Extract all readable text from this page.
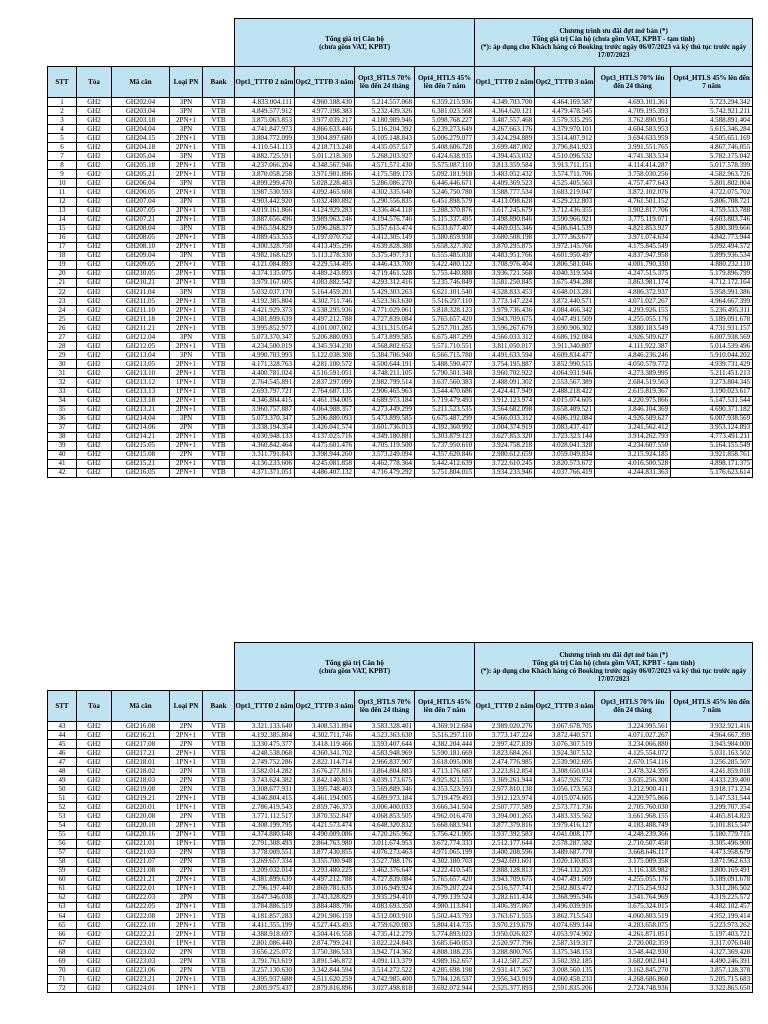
					Tổng giá trị Căn hộ
(chưa gồm VAT, KPBT)				Chương trình ưu đãi đợt mở bán (*)
Tổng giá trị Căn hộ (chưa gồm VAT, KPBT - tạm tính)
(*): áp dụng cho Khách hàng có Booking trước ngày 06/07/2023 và ký thủ tục trước ngày 17/07/2023			
STT	Tòa	Mã căn	Loại PN	Bank	Opt1_TTTĐ 2 năm	Opt2_TTTĐ 3 năm	Opt3_HTLS 70% lên đến 24 tháng	Opt4_HTLS 45% lên đến 7 năm	Opt1_TTTĐ 2 năm	Opt2_TTTĐ 3 năm	Opt3_HTLS 70% lên đến 24 tháng	Opt4_HTLS 45% lên đến 7 năm
1	GH2	GH202.04	3PN	VTB	4.833.004.111	4.960.188.430	5.214.557.068	6.359.215.936	4.349.703.700	4.464.169.587	4.693.101.361	5.723.294.342
2	GH2	GH203.04	3PN	VTB	4.849.577.912	4.977.198.383	5.232.439.326	6.381.023.568	4.364.620.121	4.479.478.545	4.709.195.393	5.742.921.211
3	GH2	GH203.18	2PN+1	VTB	3.875.063.853	3.977.039.217	4.180.989.946	5.098.768.227	3.487.557.468	3.579.335.295	3.762.890.951	4.588.891.404
4	GH2	GH204.04	3PN	VTB	4.741.847.973	4.866.633.446	5.116.204.392	6.239.273.649	4.267.663.176	4.379.970.101	4.604.583.953	5.615.346.284
5	GH2	GH204.15	2PN+1	VTB	3.804.772.099	3.904.897.680	4.105.148.843	5.006.279.077	3.424.294.889	3.514.407.912	3.694.633.959	4.505.651.169
6	GH2	GH204.18	2PN+1	VTB	4.110.541.113	4.218.713.248	4.435.057.517	5.408.606.728	3.699.487.002	3.796.841.923	3.991.551.765	4.867.746.055
7	GH2	GH205.04	3PN	VTB	4.882.725.591	5.011.218.369	5.268.203.927	6.424.638.935	4.394.453.032	4.510.096.532	4.741.383.534	5.782.175.042
8	GH2	GH205.18	2PN+1	VTB	4.237.066.204	4.348.567.946	4.571.571.430	5.575.087.110	3.813.359.584	3.913.711.151	4.114.414.287	5.017.578.399
9	GH2	GH205.21	2PN+1	VTB	3.870.058.258	3.971.901.896	4.175.589.173	5.092.181.918	3.483.052.432	3.574.711.706	3.758.030.256	4.582.963.726
10	GH2	GH206.04	3PN	VTB	4.899.299.470	5.028.228.403	5.286.086.270	6.446.446.671	4.409.369.523	4.525.405.563	4.757.477.643	5.801.802.004
11	GH2	GH206.05	2PN+1	VTB	3.987.530.593	4.092.465.608	4.302.335.640	5.246.750.780	3.588.777.534	3.683.219.047	3.872.102.076	4.722.075.702
12	GH2	GH207.04	3PN	VTB	4.903.442.920	5.032.480.892	5.290.556.835	6.451.898.579	4.413.098.628	4.529.232.803	4.761.501.152	5.806.708.721
13	GH2	GH207.05	2PN+1	VTB	4.019.161.866	4.124.929.283	4.336.464.118	5.288.370.876	3.617.245.679	3.712.436.355	3.902.817.706	4.759.533.788
14	GH2	GH207.21	2PN+1	VTB	3.887.656.496	3.989.963.246	4.194.576.746	5.115.337.495	3.498.890.846	3.590.966.921	3.775.119.071	4.603.803.746
15	GH2	GH208.04	3PN	VTB	4.965.594.829	5.096.268.377	5.357.615.474	6.533.677.407	4.469.035.346	4.586.641.539	4.821.853.927	5.880.309.666
16	GH2	GH208.05	2PN+1	VTB	4.089.453.553	4.197.070.752	4.412.305.149	5.380.859.938	3.680.508.198	3.777.363.677	3.971.074.634	4.842.773.944
17	GH2	GH208.10	2PN+1	VTB	4.300.328.750	4.413.495.296	4.639.828.388	5.658.327.302	3.870.295.875	3.972.145.766	4.175.845.549	5.092.494.572
18	GH2	GH209.04	3PN	VTB	4.982.168.629	5.113.278.330	5.375.497.731	6.555.485.038	4.483.951.766	4.601.950.497	4.837.947.958	5.899.936.534
19	GH2	GH209.05	2PN+1	VTB	4.121.084.893	4.229.534.495	4.446.433.700	5.422.480.122	3.708.976.404	3.806.581.046	4.001.790.330	4.880.232.110
20	GH2	GH210.05	2PN+1	VTB	4.374.135.075	4.489.243.893	4.719.461.528	5.755.440.888	3.936.721.568	4.040.319.504	4.247.515.375	5.179.896.799
21	GH2	GH210.21	2PN+1	VTB	3.979.167.605	4.083.882.542	4.293.312.416	5.235.746.849	3.581.250.845	3.675.494.288	3.863.981.174	4.712.172.164
22	GH2	GH211.04	3PN	VTB	5.032.037.170	5.164.459.201	5.429.303.263	6.621.101.540	4.528.833.453	4.648.013.281	4.886.372.937	5.958.991.386
23	GH2	GH211.05	2PN+1	VTB	4.192.385.804	4.302.711.746	4.523.363.630	5.516.297.110	3.773.147.224	3.872.440.571	4.071.027.267	4.964.667.399
24	GH2	GH211.10	2PN+1	VTB	4.421.929.373	4.538.295.936	4.771.029.061	5.818.328.123	3.979.736.436	4.084.466.342	4.293.926.155	5.236.495.311
25	GH2	GH211.18	2PN+1	VTB	4.381.899.639	4.497.212.788	4.727.839.084	5.765.657.420	3.943.709.675	4.047.491.509	4.255.055.176	5.189.091.678
26	GH2	GH211.21	2PN+1	VTB	3.995.852.977	4.101.007.002	4.311.315.054	5.257.701.285	3.596.267.679	3.690.906.302	3.880.183.549	4.731.931.157
27	GH2	GH212.04	3PN	VTB	5.073.370.347	5.206.880.093	5.473.899.585	6.675.487.299	4.566.033.312	4.686.192.084	4.926.509.627	6.007.938.569
28	GH2	GH212.05	2PN+1	VTB	4.234.500.019	4.345.934.230	4.568.802.652	5.571.710.551	3.811.050.017	3.911.340.807	4.111.922.387	5.014.539.496
29	GH2	GH213.04	3PN	VTB	4.990.703.993	5.122.038.308	5.384.706.940	6.566.715.780	4.491.633.594	4.609.834.477	4.846.236.246	5.910.044.202
30	GH2	GH213.05	2PN+1	VTB	4.171.328.763	4.281.100.572	4.500.644.191	5.488.590.477	3.754.195.887	3.852.990.515	4.050.579.772	4.939.731.429
31	GH2	GH213.10	2PN+1	VTB	4.400.781.024	4.516.591.051	4.748.211.105	5.790.501.348	3.960.702.922	4.064.931.946	4.273.389.995	5.211.451.213
32	GH2	GH213.12	1PN+1	VTB	2.764.545.891	2.837.297.099	2.982.799.514	3.637.560.383	2.488.091.302	2.553.567.389	2.684.519.563	3.273.804.345
33	GH2	GH213.13	1PN+1	VTB	2.693.797.721	2.764.687.135	2.906.465.963	3.544.470.686	2.424.417.949	2.488.218.422	2.615.819.367	3.190.023.617
34	GH2	GH213.18	2PN+1	VTB	4.346.804.415	4.461.194.005	4.689.973.184	5.719.479.493	3.912.123.974	4.015.074.605	4.220.975.866	5.147.531.544
35	GH2	GH213.21	2PN+1	VTB	3.960.757.887	4.064.988.357	4.273.449.299	5.211.523.535	3.564.682.098	3.658.489.521	3.846.104.369	4.690.371.182
36	GH2	GH214.04	3PN	VTB	5.073.370.347	5.206.880.093	5.473.899.585	6.675.487.299	4.566.033.312	4.686.192.084	4.926.509.627	6.007.938.569
37	GH2	GH214.06	2PN	VTB	3.338.194.354	3.426.041.574	3.601.736.013	4.392.360.992	3.004.374.919	3.083.437.417	3.241.562.412	3.953.124.893
38	GH2	GH214.21	2PN+1	VTB	4.030.948.133	4.137.025.716	4.349.180.881	5.303.879.123	3.627.853.320	3.723.323.144	3.914.262.793	4.773.491.211
39	GH2	GH215.05	2PN+1	VTB	4.360.842.464	4.475.601.476	4.705.119.500	5.737.950.610	3.924.758.218	4.028.041.328	4.234.607.550	5.164.155.549
40	GH2	GH215.08	2PN	VTB	3.311.791.843	3.398.944.260	3.573.249.094	4.357.620.846	2.980.612.659	3.059.049.834	3.215.924.185	3.921.858.761
41	GH2	GH215.21	2PN+1	VTB	4.136.233.606	4.245.081.858	4.462.778.364	5.442.412.639	3.722.610.245	3.820.573.672	4.016.500.528	4.898.171.375
42	GH2	GH216.05	2PN+1	VTB	4.371.371.051	4.486.407.132	4.716.479.292	5.751.804.015	3.934.233.946	4.037.766.419	4.244.831.363	5.176.623.614
					Tổng giá trị Căn hộ
(chưa gồm VAT, KPBT)				Chương trình ưu đãi đợt mở bán (*)
Tổng giá trị Căn hộ (chưa gồm VAT, KPBT - tạm tính)
(*): áp dụng cho Khách hàng có Booking trước ngày 06/07/2023 và ký thủ tục trước ngày 17/07/2023			
STT	Tòa	Mã căn	Loại PN	Bank	Opt1_TTTĐ 2 năm	Opt2_TTTĐ 3 năm	Opt3_HTLS 70% lên đến 24 tháng	Opt4_HTLS 45% lên đến 7 năm	Opt1_TTTĐ 2 năm	Opt2_TTTĐ 3 năm	Opt3_HTLS 70% lên đến 24 tháng	Opt4_HTLS 45% lên đến 7 năm
43	GH2	GH216.08	2PN	VTB	3.321.133.640	3.408.531.894	3.583.328.401	4.369.912.684	2.989.020.276	3.067.678.705	3.224.995.561	3.932.921.416
44	GH2	GH216.21	2PN+1	VTB	4.192.385.804	4.302.711.746	4.523.363.630	5.516.297.110	3.773.147.224	3.872.440.571	4.071.027.267	4.964.667.399
45	GH2	GH217.08	2PN	VTB	3.330.475.377	3.418.119.466	3.593.407.644	4.382.204.444	2.997.427.839	3.076.307.519	3.234.066.880	3.943.984.000
46	GH2	GH217.21	2PN+1	VTB	4.248.538.068	4.360.341.702	4.583.948.969	5.590.181.669	3.823.684.261	3.924.307.532	4.125.554.072	5.031.163.502
47	GH2	GH218.01	1PN+1	VTB	2.749.752.286	2.822.114.714	2.966.837.907	3.618.095.008	2.474.776.985	2.539.902.695	2.670.154.116	3.256.285.507
48	GH2	GH218.02	2PN	VTB	3.582.014.282	3.676.277.816	3.864.804.883	4.713.176.687	3.223.812.854	3.308.650.034	3.478.324.395	4.241.859.018
49	GH2	GH218.03	2PN	VTB	3.743.624.382	3.842.140.813	4.039.173.675	4.925.821.555	3.369.261.944	3.457.926.732	3.635.256.308	4.433.239.400
50	GH2	GH219.08	2PN	VTB	3.308.677.931	3.395.748.403	3.569.889.346	4.353.523.593	2.977.810.138	3.056.173.563	3.212.900.411	3.918.171.234
51	GH2	GH219.21	2PN+1	VTB	4.346.804.415	4.461.194.005	4.689.973.184	5.719.479.493	3.912.123.974	4.015.074.605	4.220.975.866	5.147.531.544
52	GH2	GH220.01	1PN+1	VTB	2.786.419.543	2.859.746.373	3.006.400.033	3.666.341.504	2.507.777.589	2.573.771.736	2.705.760.030	3.299.707.354
53	GH2	GH220.08	2PN	VTB	3.771.112.517	3.870.352.847	4.068.853.505	4.962.016.470	3.394.001.265	3.483.335.562	3.661.968.155	4.465.814.823
54	GH2	GH220.10	2PN+1	VTB	4.308.199.795	4.421.573.474	4.648.320.832	5.668.683.941	3.877.379.816	3.979.416.127	4.183.488.749	5.101.815.547
55	GH2	GH220.16	2PN+1	VTB	4.374.880.648	4.490.009.086	4.720.265.962	5.756.421.905	3.937.392.583	4.041.008.177	4.248.239.366	5.180.779.715
56	GH2	GH221.01	1PN+1	VTB	2.791.308.493	2.864.763.980	3.011.674.953	3.672.774.333	2.512.177.644	2.578.287.582	2.710.507.458	3.305.496.900
57	GH2	GH221.03	2PN	VTB	3.778.009.551	3.877.430.855	4.076.273.463	4.971.065.199	3.400.208.596	3.489.687.770	3.668.646.117	4.473.958.679
58	GH2	GH221.07	2PN	VTB	3.269.657.334	3.355.700.948	3.527.788.176	4.302.180.703	2.942.691.601	3.020.130.853	3.175.009.358	3.871.962.633
59	GH2	GH221.08	2PN	VTB	3.209.032.014	3.293.480.225	3.462.376.647	4.222.410.545	2.888.128.813	2.964.132.203	3.116.138.982	3.800.169.491
60	GH2	GH221.21	2PN+1	VTB	4.381.899.639	4.497.212.788	4.727.839.084	5.765.657.420	3.943.709.675	4.047.491.509	4.255.055.176	5.189.091.678
61	GH2	GH222.01	1PN+1	VTB	2.796.197.440	2.869.781.635	3.016.949.924	3.679.207.224	2.516.577.741	2.582.803.472	2.715.254.932	3.311.286.502
62	GH2	GH222.03	2PN	VTB	3.647.346.038	3.743.328.829	3.935.294.410	4.799.139.524	3.282.611.434	3.368.995.946	3.541.764.969	4.319.225.572
63	GH2	GH222.05	2PN+1	VTB	3.784.886.519	3.884.488.796	4.083.693.350	4.980.113.841	3.406.397.867	3.496.039.916	3.675.324.015	4.482.102.457
64	GH2	GH222.08	2PN+1	VTB	4.181.857.283	4.291.906.159	4.512.003.910	5.502.443.793	3.763.671.555	3.862.715.543	4.060.803.519	4.952.199.414
65	GH2	GH222.10	2PN+1	VTB	4.411.355.199	4.527.443.493	4.759.620.083	5.804.414.735	3.970.219.679	4.074.699.144	4.283.658.075	5.223.973.262
66	GH2	GH222.21	2PN+1	VTB	4.388.918.697	4.504.416.558	4.735.412.279	5.774.893.023	3.950.026.827	4.053.974.902	4.261.871.051	5.197.403.721
67	GH2	GH223.01	1PN+1	VTB	2.801.086.440	2.874.799.241	3.022.224.843	3.685.640.053	2.520.977.796	2.587.319.317	2.720.002.359	3.317.076.048
68	GH2	GH223.02	2PN	VTB	3.656.225.072	3.750.386.533	3.942.714.362	4.808.188.235	3.288.800.765	3.375.348.153	3.548.442.930	4.327.369.428
69	GH2	GH223.03	2PN	VTB	3.791.763.619	3.891.546.872	4.091.113.379	4.989.162.657	3.412.587.257	3.502.392.185	3.682.002.041	4.490.246.391
70	GH2	GH223.06	2PN	VTB	3.257.130.630	3.342.844.594	3.514.272.522	4.285.698.198	2.931.417.567	3.008.560.135	3.162.845.270	3.857.128.378
71	GH2	GH223.21	2PN+1	VTB	4.395.937.688	4.511.620.259	4.742.985.400	5.784.128.537	3.956.343.919	4.060.458.233	4.268.686.860	5.205.715.683
72	GH2	GH224.01	1PN+1	VTB	2.805.975.437	2.879.816.896	3.027.498.818	3.692.072.944	2.525.377.893	2.591.835.206	2.724.748.936	3.322.865.650
